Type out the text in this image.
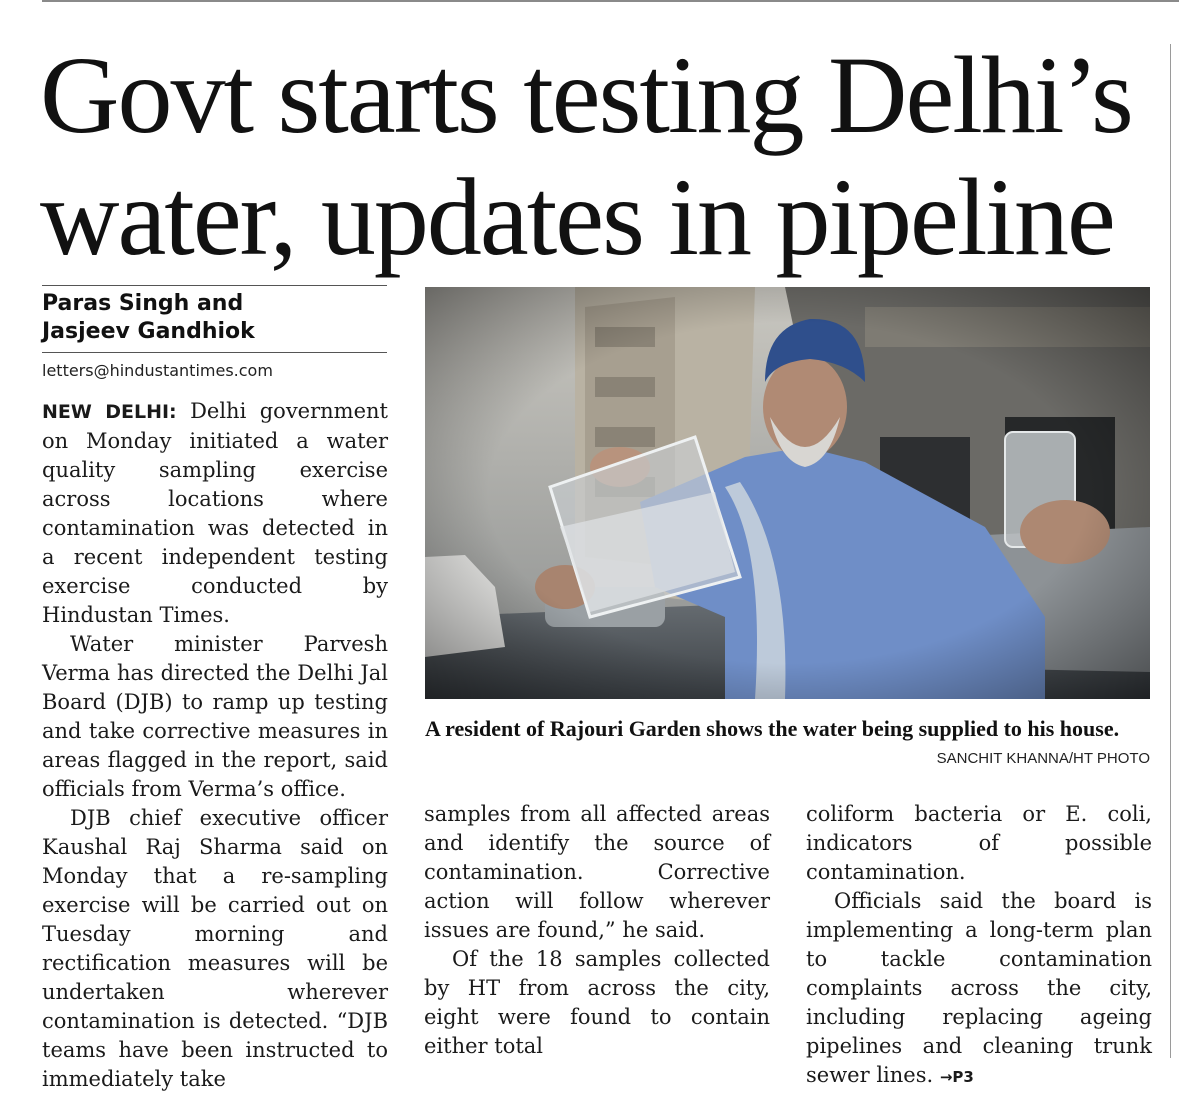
Govt starts testing Delhi’s water, updates in pipeline
Paras Singh and
Jasjeev Gandhiok
letters@hindustantimes.com

NEW DELHI: Delhi government on Monday initiated a water quality sampling exercise across locations where contamination was detected in a recent independent testing exercise conducted by Hindustan Times.

Water minister Parvesh Verma has directed the Delhi Jal Board (DJB) to ramp up testing and take corrective measures in areas flagged in the report, said officials from Verma’s office.

DJB chief executive officer Kaushal Raj Sharma said on Monday that a re-sampling exercise will be carried out on Tuesday morning and rectification measures will be undertaken wherever contamination is detected. “DJB teams have been instructed to immediately take

A resident of Rajouri Garden shows the water being supplied to his house.
SANCHIT KHANNA/HT PHOTO

samples from all affected areas and identify the source of contamination. Corrective action will follow wherever issues are found,” he said.

Of the 18 samples collected by HT from across the city, eight were found to contain either total

coliform bacteria or E. coli, indicators of possible contamination.

Officials said the board is implementing a long-term plan to tackle contamination complaints across the city, including replacing ageing pipelines and cleaning trunk sewer lines. →P3
